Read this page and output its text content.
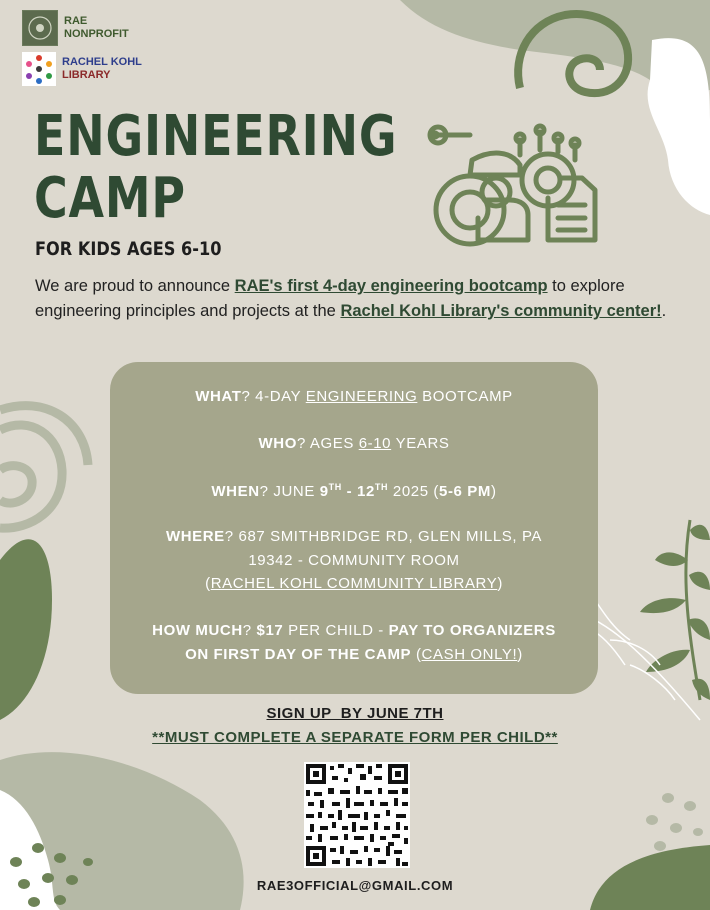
RAE
NONPROFIT
RACHEL KOHL
LIBRARY
ENGINEERING
CAMP
FOR KIDS AGES 6-10
We are proud to announce RAE's first 4-day engineering bootcamp to explore engineering principles and projects at the Rachel Kohl Library's community center!.
WHAT? 4-DAY ENGINEERING BOOTCAMP
WHO? AGES 6-10 YEARS
WHEN? JUNE 9TH - 12TH 2025 (5-6 PM)
WHERE? 687 SMITHBRIDGE RD, GLEN MILLS, PA
19342 - COMMUNITY ROOM
(RACHEL KOHL COMMUNITY LIBRARY)
HOW MUCH? $17 PER CHILD - PAY TO ORGANIZERS
ON FIRST DAY OF THE CAMP (CASH ONLY!)
SIGN UP  BY JUNE 7TH
**MUST COMPLETE A SEPARATE FORM PER CHILD**
RAE3OFFICIAL@GMAIL.COM
